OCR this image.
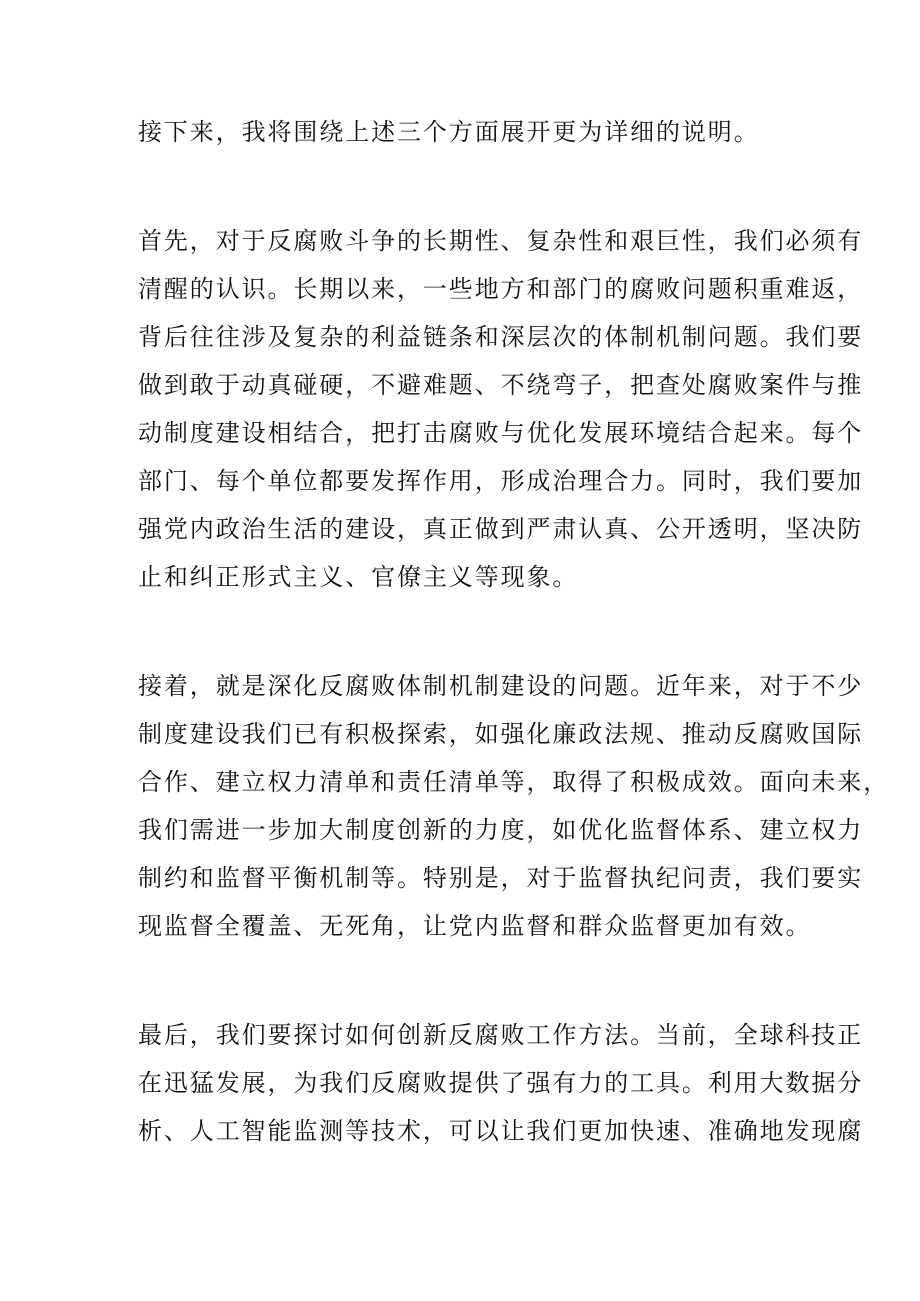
接下来，我将围绕上述三个方面展开更为详细的说明。

首先，对于反腐败斗争的长期性、复杂性和艰巨性，我们必须有

清醒的认识。长期以来，一些地方和部门的腐败问题积重难返，

背后往往涉及复杂的利益链条和深层次的体制机制问题。我们要

做到敢于动真碰硬，不避难题、不绕弯子，把查处腐败案件与推

动制度建设相结合，把打击腐败与优化发展环境结合起来。每个

部门、每个单位都要发挥作用，形成治理合力。同时，我们要加

强党内政治生活的建设，真正做到严肃认真、公开透明，坚决防

止和纠正形式主义、官僚主义等现象。

接着，就是深化反腐败体制机制建设的问题。近年来，对于不少

制度建设我们已有积极探索，如强化廉政法规、推动反腐败国际

合作、建立权力清单和责任清单等，取得了积极成效。面向未来，

我们需进一步加大制度创新的力度，如优化监督体系、建立权力

制约和监督平衡机制等。特别是，对于监督执纪问责，我们要实

现监督全覆盖、无死角，让党内监督和群众监督更加有效。

最后，我们要探讨如何创新反腐败工作方法。当前，全球科技正

在迅猛发展，为我们反腐败提供了强有力的工具。利用大数据分

析、人工智能监测等技术，可以让我们更加快速、准确地发现腐
